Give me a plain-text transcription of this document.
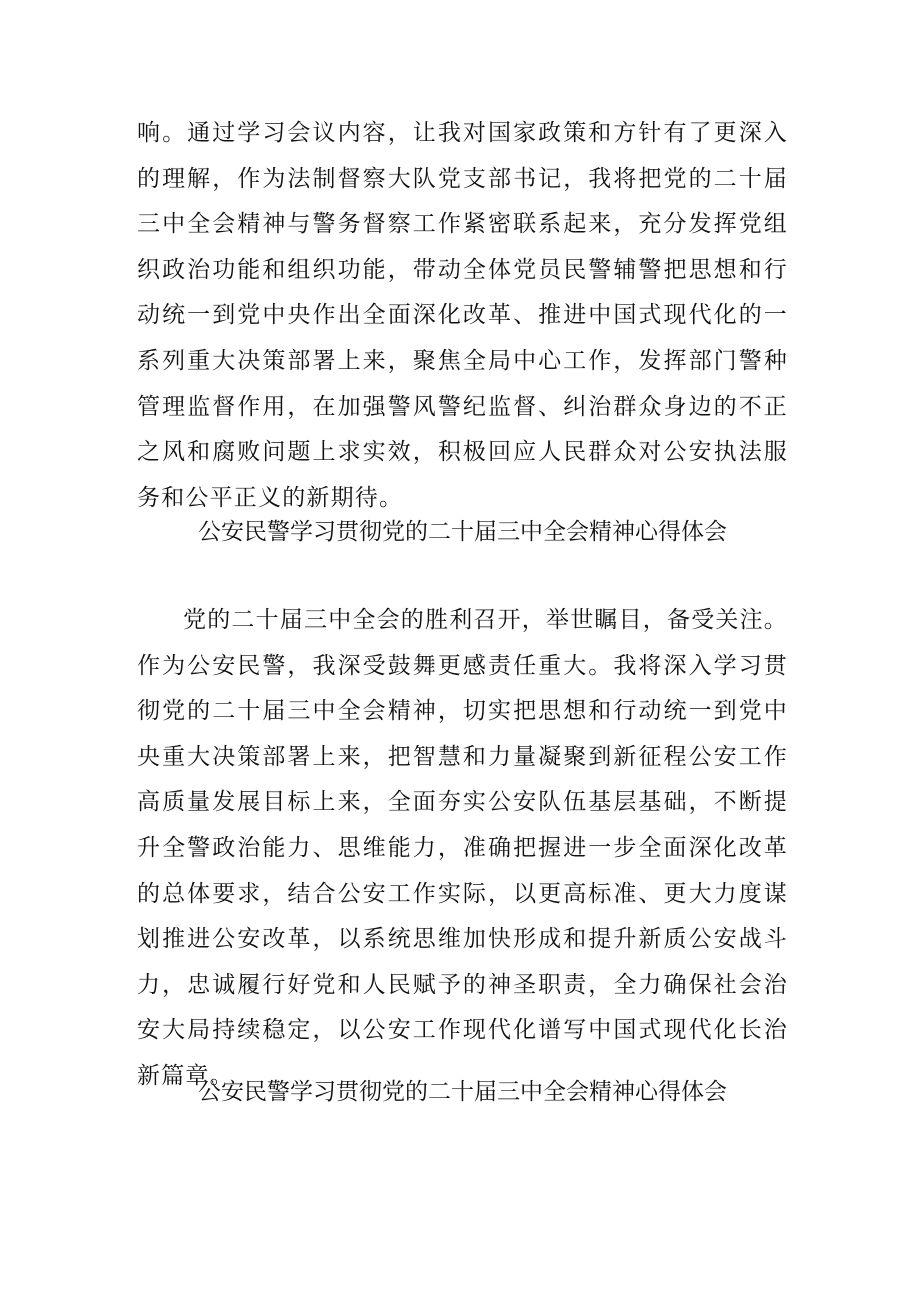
响。通过学习会议内容，让我对国家政策和方针有了更深入的理解，作为法制督察大队党支部书记，我将把党的二十届三中全会精神与警务督察工作紧密联系起来，充分发挥党组织政治功能和组织功能，带动全体党员民警辅警把思想和行动统一到党中央作出全面深化改革、推进中国式现代化的一系列重大决策部署上来，聚焦全局中心工作，发挥部门警种管理监督作用，在加强警风警纪监督、纠治群众身边的不正之风和腐败问题上求实效，积极回应人民群众对公安执法服务和公平正义的新期待。

公安民警学习贯彻党的二十届三中全会精神心得体会

党的二十届三中全会的胜利召开，举世瞩目，备受关注。作为公安民警，我深受鼓舞更感责任重大。我将深入学习贯彻党的二十届三中全会精神，切实把思想和行动统一到党中央重大决策部署上来，把智慧和力量凝聚到新征程公安工作高质量发展目标上来，全面夯实公安队伍基层基础，不断提升全警政治能力、思维能力，准确把握进一步全面深化改革的总体要求，结合公安工作实际，以更高标准、更大力度谋划推进公安改革，以系统思维加快形成和提升新质公安战斗力，忠诚履行好党和人民赋予的神圣职责，全力确保社会治安大局持续稳定，以公安工作现代化谱写中国式现代化长治新篇章。

公安民警学习贯彻党的二十届三中全会精神心得体会
